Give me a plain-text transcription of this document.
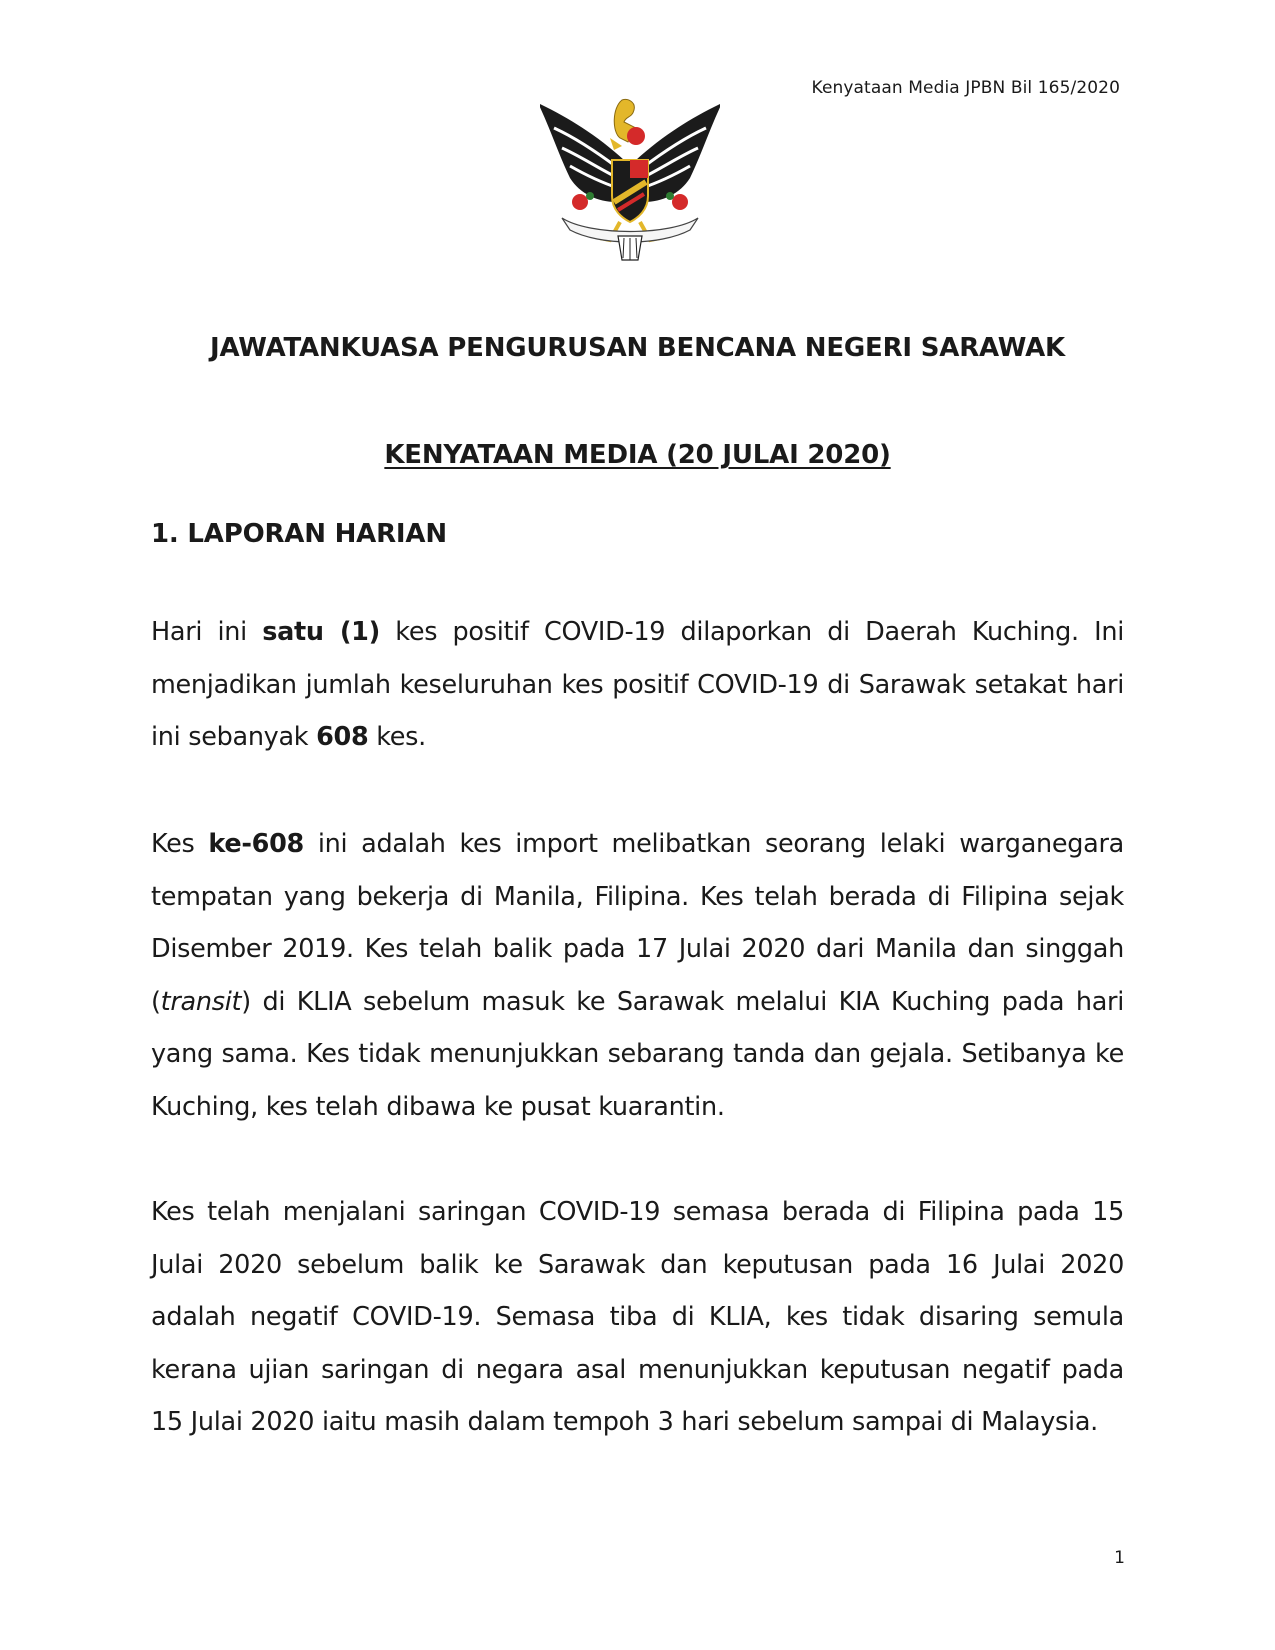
Kenyataan Media JPBN Bil 165/2020
JAWATANKUASA PENGURUSAN BENCANA NEGERI SARAWAK
KENYATAAN MEDIA (20 JULAI 2020)
1. LAPORAN HARIAN

Hari ini satu (1) kes positif COVID-19 dilaporkan di Daerah Kuching. Ini menjadikan jumlah keseluruhan kes positif COVID-19 di Sarawak setakat hari ini sebanyak 608 kes.

Kes ke-608 ini adalah kes import melibatkan seorang lelaki warganegara tempatan yang bekerja di Manila, Filipina. Kes telah berada di Filipina sejak Disember 2019. Kes telah balik pada 17 Julai 2020 dari Manila dan singgah (transit) di KLIA sebelum masuk ke Sarawak melalui KIA Kuching pada hari yang sama. Kes tidak menunjukkan sebarang tanda dan gejala. Setibanya ke Kuching, kes telah dibawa ke pusat kuarantin.

Kes telah menjalani saringan COVID-19 semasa berada di Filipina pada 15 Julai 2020 sebelum balik ke Sarawak dan keputusan pada 16 Julai 2020 adalah negatif COVID-19. Semasa tiba di KLIA, kes tidak disaring semula kerana ujian saringan di negara asal menunjukkan keputusan negatif pada 15 Julai 2020 iaitu masih dalam tempoh 3 hari sebelum sampai di Malaysia.

1
